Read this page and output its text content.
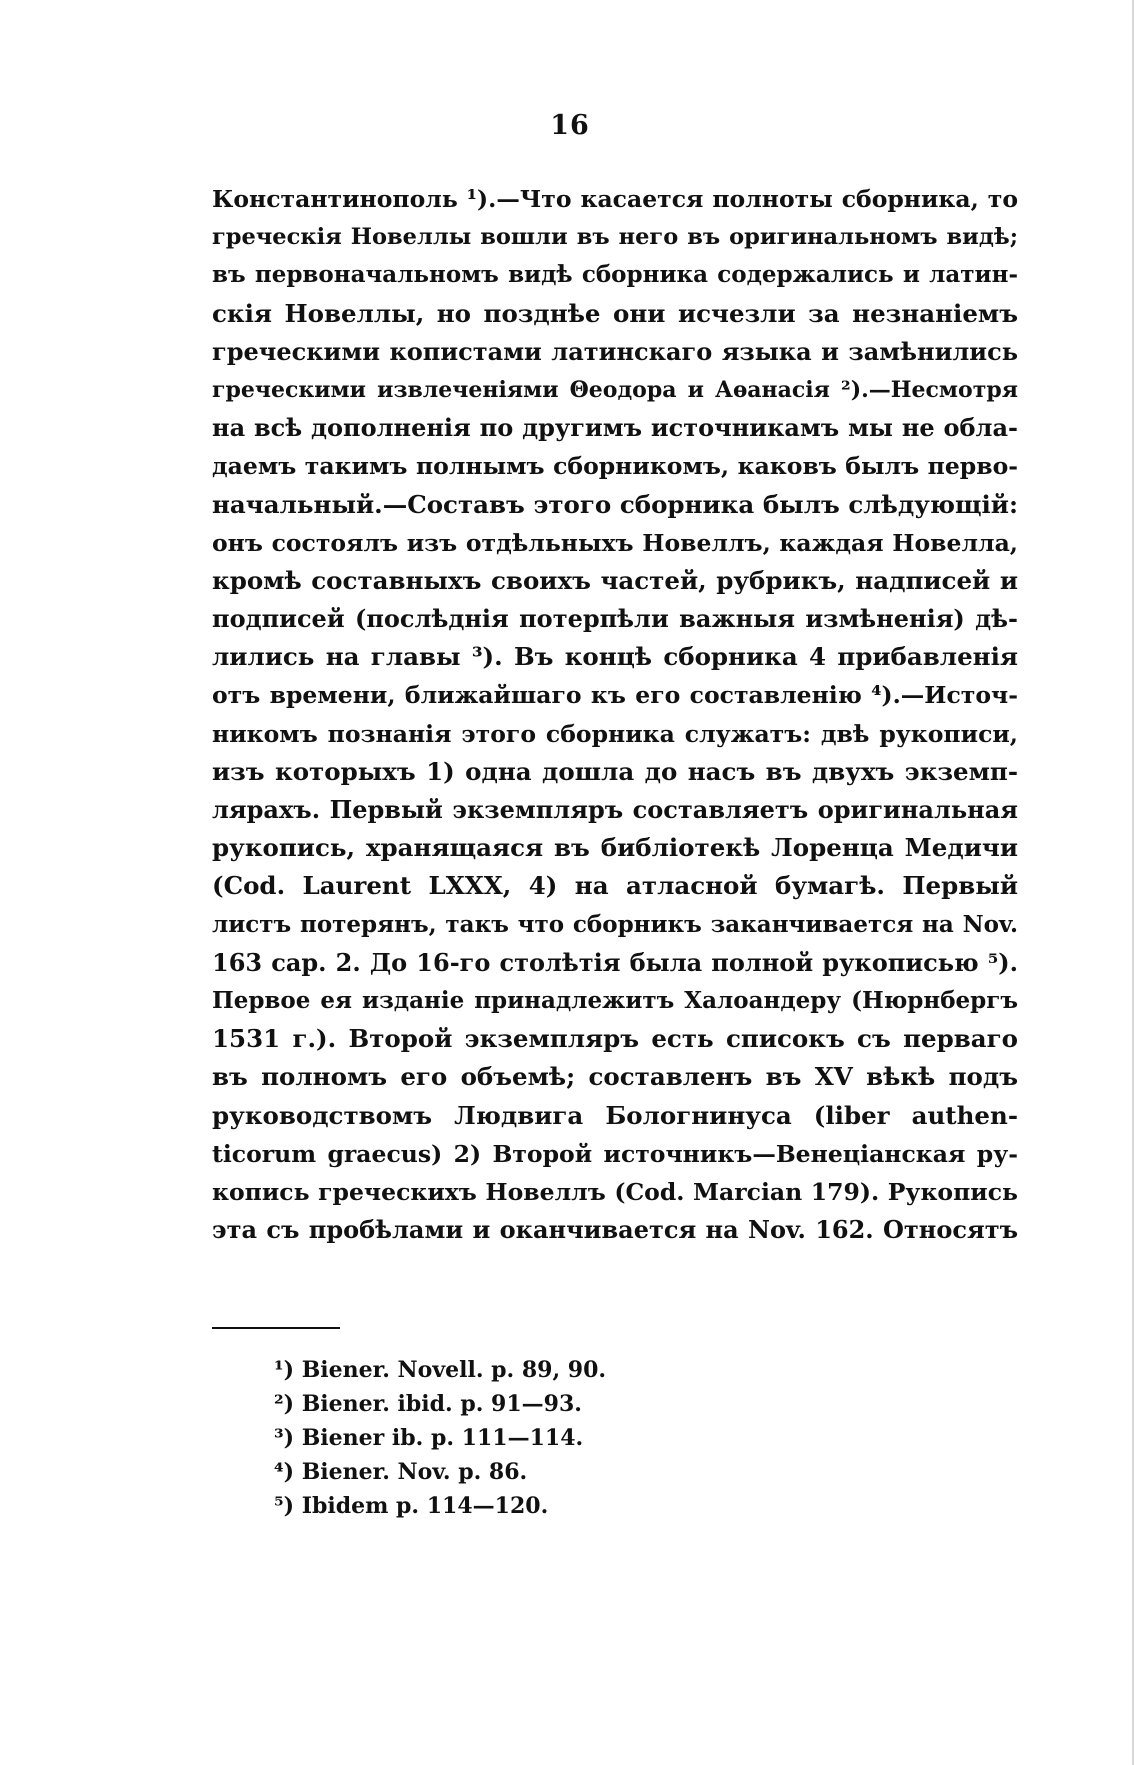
16
Константинополь ¹).—Что касается полноты сборника, то
греческія Новеллы вошли въ него въ оригинальномъ видѣ;
въ первоначальномъ видѣ сборника содержались и латин-
скія Новеллы, но позднѣе они исчезли за незнаніемъ
греческими копистами латинскаго языка и замѣнились
греческими извлеченіями Θеодора и Аѳанасія ²).—Несмотря
на всѣ дополненія по другимъ источникамъ мы не обла-
даемъ такимъ полнымъ сборникомъ, каковъ былъ перво-
начальный.—Составъ этого сборника былъ слѣдующій:
онъ состоялъ изъ отдѣльныхъ Новеллъ, каждая Новелла,
кромѣ составныхъ своихъ частей, рубрикъ, надписей и
подписей (послѣднія потерпѣли важныя измѣненія) дѣ-
лились на главы ³). Въ концѣ сборника 4 прибавленія
отъ времени, ближайшаго къ его составленію ⁴).—Источ-
никомъ познанія этого сборника служатъ: двѣ рукописи,
изъ которыхъ 1) одна дошла до насъ въ двухъ экземп-
лярахъ. Первый экземпляръ составляетъ оригинальная
рукопись, хранящаяся въ библіотекѣ Лоренца Медичи
(Cod. Laurent LXXX, 4) на атласной бумагѣ. Первый
листъ потерянъ, такъ что сборникъ заканчивается на Nov.
163 cap. 2. До 16-го столѣтія была полной рукописью ⁵).
Первое ея изданіе принадлежитъ Халоандеру (Нюрнбергъ
1531 г.). Второй экземпляръ есть списокъ съ перваго
въ полномъ его объемѣ; составленъ въ XV вѣкѣ подъ
руководствомъ Людвига Бологнинуса (liber authen-
ticorum graecus) 2) Второй источникъ—Венеціанская ру-
копись греческихъ Новеллъ (Cod. Marcian 179). Рукопись
эта съ пробѣлами и оканчивается на Nov. 162. Относятъ
¹) Biener. Novell. p. 89, 90.
²) Biener. ibid. p. 91—93.
³) Biener ib. p. 111—114.
⁴) Biener. Nov. p. 86.
⁵) Ibidem p. 114—120.
